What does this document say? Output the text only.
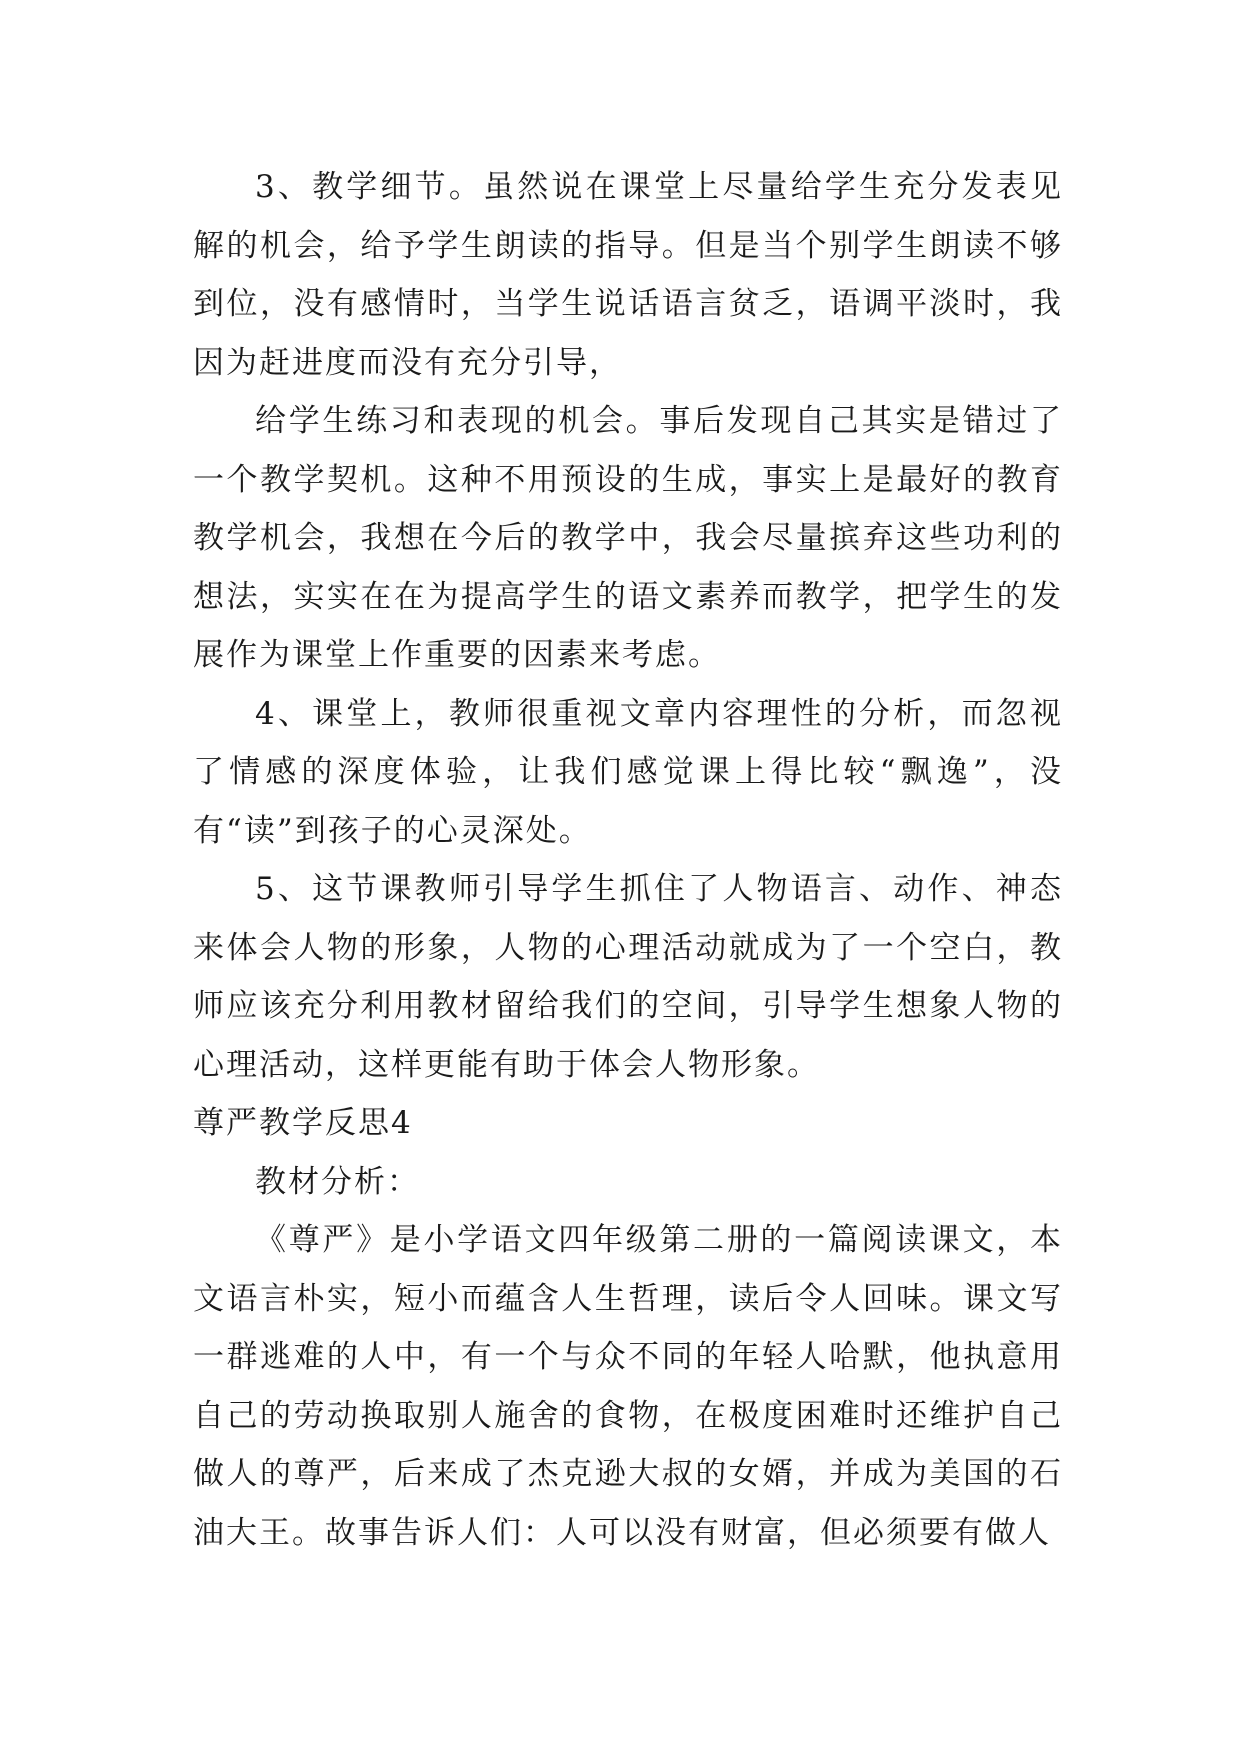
3、教学细节。虽然说在课堂上尽量给学生充分发表见解的机会，给予学生朗读的指导。但是当个别学生朗读不够到位，没有感情时，当学生说话语言贫乏，语调平淡时，我因为赶进度而没有充分引导，

给学生练习和表现的机会。事后发现自己其实是错过了一个教学契机。这种不用预设的生成，事实上是最好的教育教学机会，我想在今后的教学中，我会尽量摈弃这些功利的想法，实实在在为提高学生的语文素养而教学，把学生的发展作为课堂上作重要的因素来考虑。

4、课堂上，教师很重视文章内容理性的分析，而忽视了情感的深度体验，让我们感觉课上得比较“飘逸”，没有“读”到孩子的心灵深处。

5、这节课教师引导学生抓住了人物语言、动作、神态来体会人物的形象，人物的心理活动就成为了一个空白，教师应该充分利用教材留给我们的空间，引导学生想象人物的心理活动，这样更能有助于体会人物形象。

尊严教学反思4

教材分析：

《尊严》是小学语文四年级第二册的一篇阅读课文，本文语言朴实，短小而蕴含人生哲理，读后令人回味。课文写一群逃难的人中，有一个与众不同的年轻人哈默，他执意用自己的劳动换取别人施舍的食物，在极度困难时还维护自己做人的尊严，后来成了杰克逊大叔的女婿，并成为美国的石油大王。故事告诉人们：人可以没有财富，但必须要有做人
